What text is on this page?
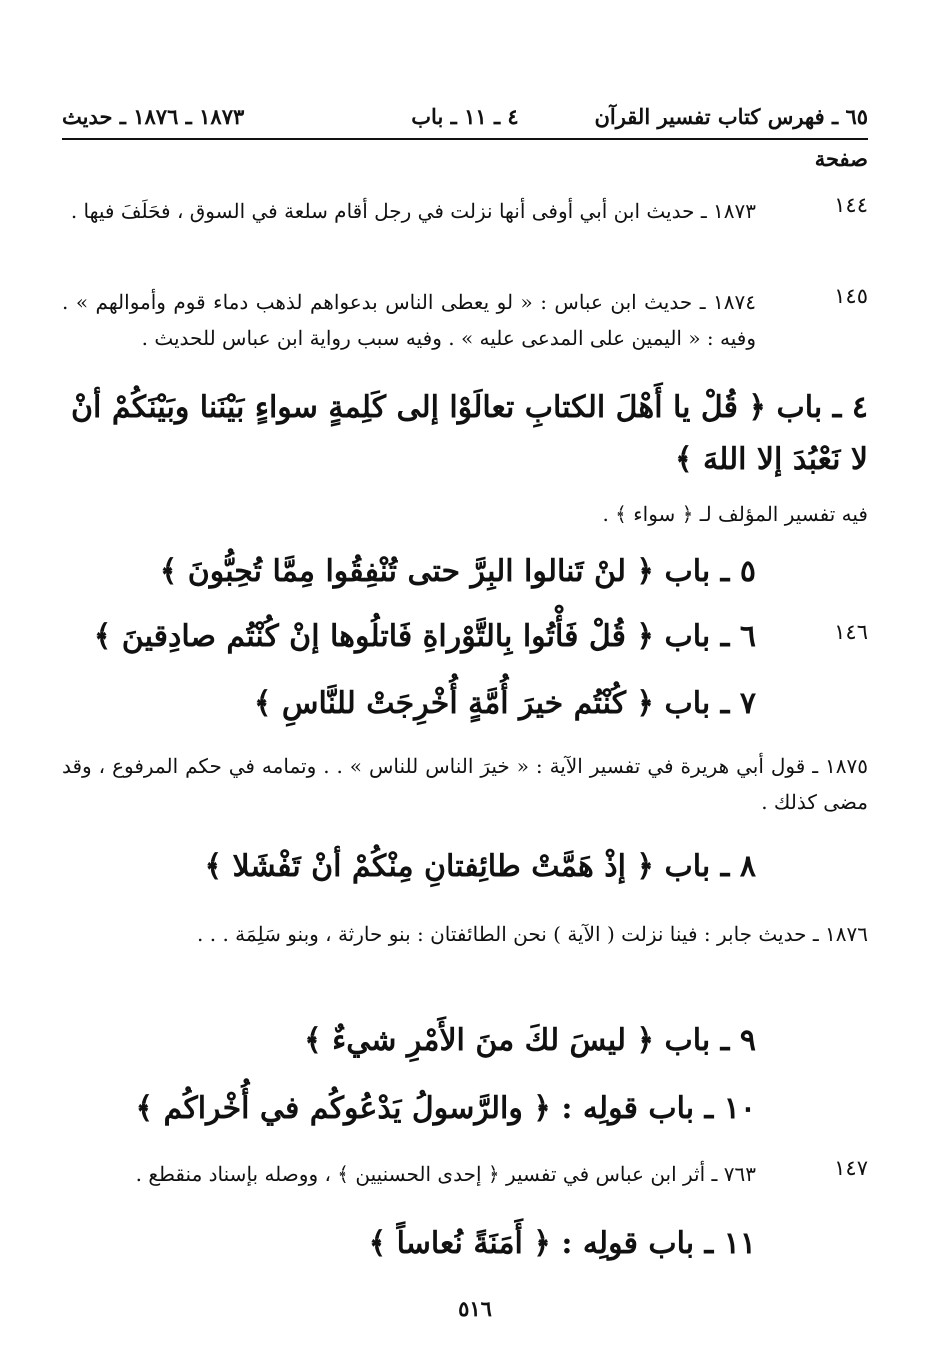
٦٥ ـ فهرس كتاب تفسير القرآن
٤ ـ ١١ ـ باب
١٨٧٣ ـ ١٨٧٦ ـ حديث
صفحة
١٤٤
١٨٧٣ ـ حديث ابن أبي أوفى أنها نزلت في رجل أقام سلعة في السوق ، فحَلَفَ فيها .
١٤٥
١٨٧٤ ـ حديث ابن عباس : « لو يعطى الناس بدعواهم لذهب دماء قوم وأموالهم » . وفيه : « اليمين على المدعى عليه » . وفيه سبب رواية ابن عباس للحديث .
٤ ـ باب ﴿ قُلْ يا أَهْلَ الكتابِ تعالَوْا إلى كَلِمةٍ سواءٍ بَيْنَنا وبَيْنَكُمْ أنْ لا نَعْبُدَ إلا اللهَ ﴾
فيه تفسير المؤلف لـ ﴿ سواء ﴾ .
٥ ـ باب ﴿ لنْ تَنالوا البِرَّ حتى تُنْفِقُوا مِمَّا تُحِبُّونَ ﴾
١٤٦
٦ ـ باب ﴿ قُلْ فَأْتُوا بِالتَّوْراةِ فَاتلُوها إنْ كُنْتُم صادِقينَ ﴾
٧ ـ باب ﴿ كُنْتُم خيرَ أُمَّةٍ أُخْرِجَتْ للنَّاسِ ﴾
١٨٧٥ ـ قول أبي هريرة في تفسير الآية : « خيرَ الناس للناس » . . وتمامه في حكم المرفوع ، وقد مضى كذلك .
٨ ـ باب ﴿ إذْ هَمَّتْ طائِفتانِ مِنْكُمْ أنْ تَفْشَلا ﴾
١٨٧٦ ـ حديث جابر : فينا نزلت ( الآية ) نحن الطائفتان : بنو حارثة ، وبنو سَلِمَة . . .
٩ ـ باب ﴿ ليسَ لكَ منَ الأَمْرِ شيءٌ ﴾
١٠ ـ باب قولِه : ﴿ والرَّسولُ يَدْعُوكُم في أُخْراكُم ﴾
١٤٧
٧٦٣ ـ أثر ابن عباس في تفسير ﴿ إحدى الحسنيين ﴾ ، ووصله بإسناد منقطع .
١١ ـ باب قولِه : ﴿ أَمَنَةً نُعاساً ﴾
٥١٦
